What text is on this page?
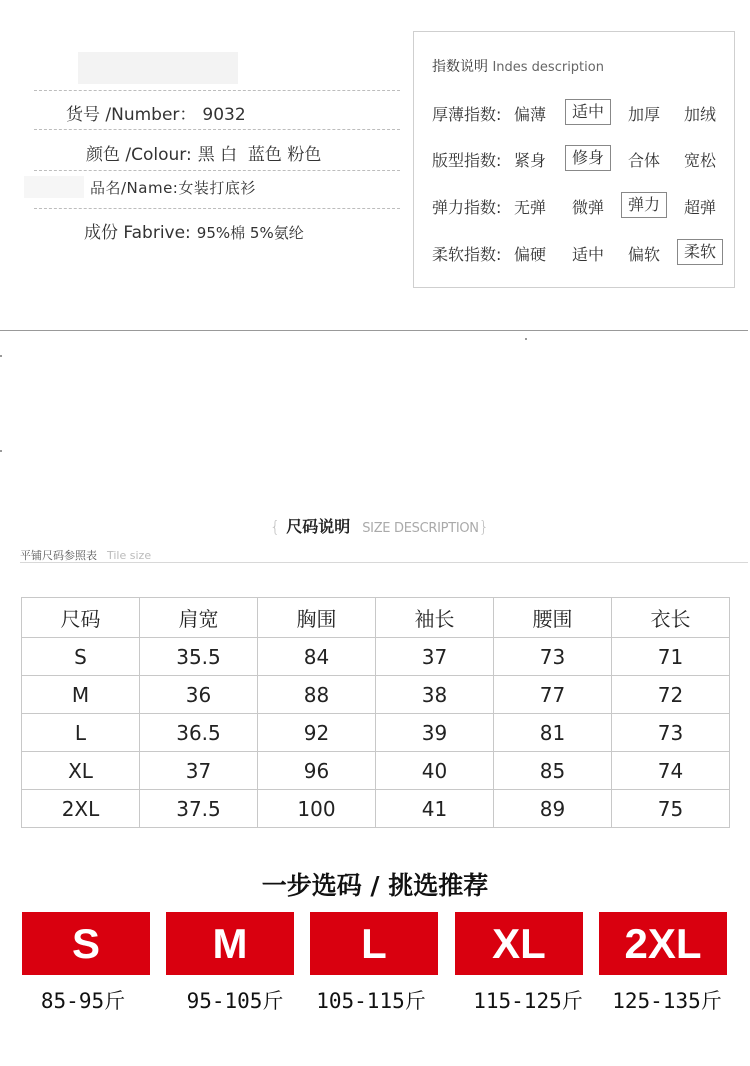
货号 /Number： 9032
颜色 /Colour: 黑 白  蓝色 粉色
品名/Name:女装打底衫
成份 Fabrive: 95%棉 5%氨纶
指数说明 Indes description
厚薄指数: 偏薄	适中	加厚 加绒
版型指数: 紧身	修身	合体 宽松
弹力指数: 无弹 微弹	弹力	超弹
柔软指数: 偏硬 适中 偏软	柔软
{ 尺码说明 SIZE DESCRIPTION}
平铺尺码参照表 Tile size
尺码	肩宽	胸围	袖长	腰围	衣长
S	35.5	84	37	73	71
M	36	88	38	77	72
L	36.5	92	39	81	73
XL	37	96	40	85	74
2XL	37.5	100	41	89	75
一步选码 / 挑选推荐
S	M	L	XL	2XL
85-95斤	95-105斤	105-115斤	115-125斤	125-135斤
